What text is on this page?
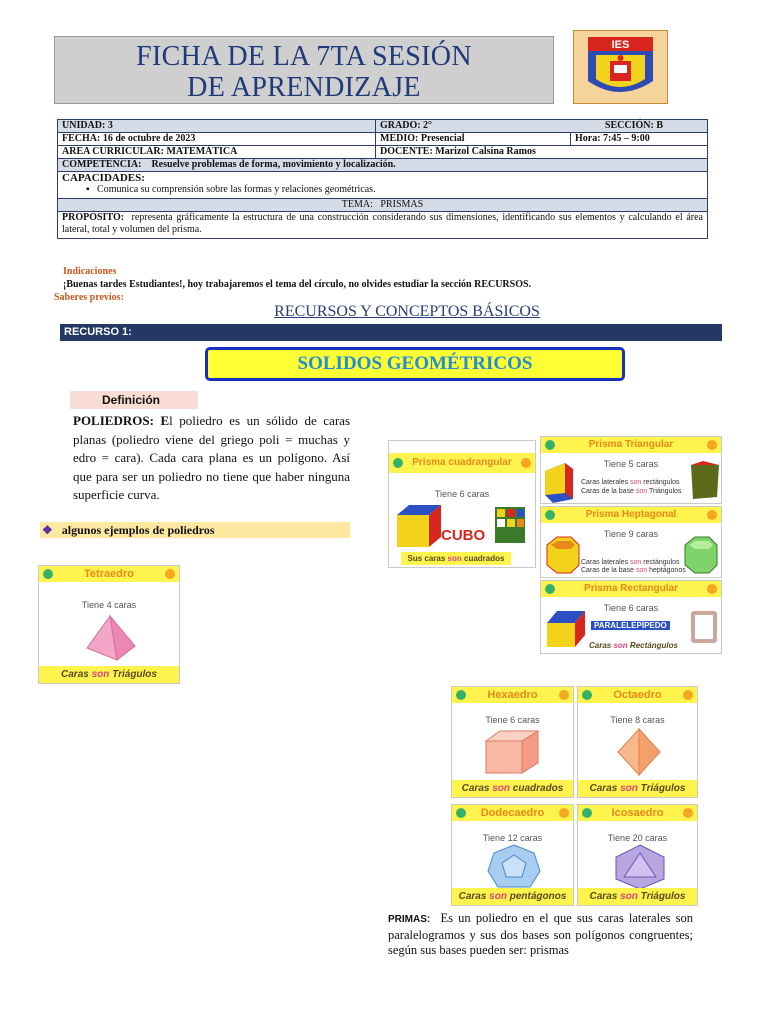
FICHA DE LA 7TA SESIÓN
DE APRENDIZAJE
IES
UNIDAD: 3	GRADO: 2° SECCIÓN: B	

FECHA: 16 de octubre de 2023	MEDIO: Presencial	Hora: 7:45 – 9:00
AREA CURRICULAR: MATEMÁTICA	DOCENTE: Marizol Calsina Ramos	
COMPETENCIA: Resuelve problemas de forma, movimiento y localización.		

CAPACIDADES:
▪   Comunica su comprensión sobre las formas y relaciones geométricas.		

TEMA: PRISMAS		
PROPÓSITO: representa gráficamente la estructura de una construcción considerando sus dimensiones, identificando sus elementos y calculando el área lateral, total y volumen del prisma.		
Indicaciones
¡Buenas tardes Estudiantes!, hoy trabajaremos el tema del círculo, no olvides estudiar la sección RECURSOS.
Saberes previos:
RECURSOS Y CONCEPTOS BÁSICOS
RECURSO 1:
SOLIDOS GEOMÉTRICOS
Definición
POLIEDROS: El poliedro es un sólido de caras planas (poliedro viene del griego poli = muchas y edro = cara). Cada cara plana es un polígono. Así que para ser un poliedro no tiene que haber ninguna superficie curva.
❖ algunos ejemplos de poliedros
Tetraedro
Tiene 4 caras
Caras son Triágulos
Prisma cuadrangular
Tiene 6 caras
CUBO
Sus caras son cuadrados
Prisma Triangular
Tiene 5 caras
Caras laterales son rectángulos
Caras de la base son Triángulos
Prisma Heptagonal
Tiene 9 caras
Caras laterales son rectángulos
Caras de la base son heptágonos
Prisma Rectangular
Tiene 6 caras
PARALELEPÍPEDO
Caras son Rectángulos
Hexaedro
Tiene 6 caras
Caras son cuadrados
Octaedro
Tiene 8 caras
Caras son Triágulos
Dodecaedro
Tiene 12 caras
Caras son pentágonos
Icosaedro
Tiene 20 caras
Caras son Triágulos
PRIMAS: Es un poliedro en el que sus caras laterales son paralelogramos y sus dos bases son polígonos congruentes; según sus bases pueden ser: prismas
